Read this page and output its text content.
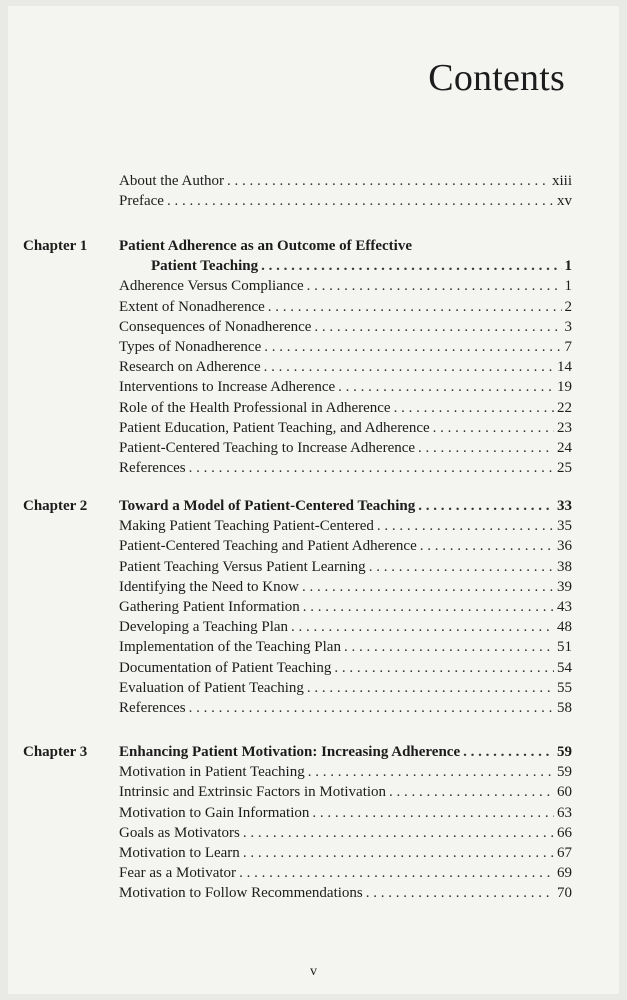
Contents
About the Author . . .	xiii
Preface . . .	xv
Chapter 1 Patient Adherence as an Outcome of Effective
Patient Teaching . . .	1
Adherence Versus Compliance . . .	1
Extent of Nonadherence . . .	2
Consequences of Nonadherence . . .	3
Types of Nonadherence . . .	7
Research on Adherence . . .	14
Interventions to Increase Adherence . . .	19
Role of the Health Professional in Adherence . . .	22
Patient Education, Patient Teaching, and Adherence . . .	23
Patient-Centered Teaching to Increase Adherence . . .	24
References . . .	25
Chapter 2 Toward a Model of Patient-Centered Teaching . . .	33
Making Patient Teaching Patient-Centered . . .	35
Patient-Centered Teaching and Patient Adherence . . .	36
Patient Teaching Versus Patient Learning . . .	38
Identifying the Need to Know . . .	39
Gathering Patient Information . . .	43
Developing a Teaching Plan . . .	48
Implementation of the Teaching Plan . . .	51
Documentation of Patient Teaching . . .	54
Evaluation of Patient Teaching . . .	55
References . . .	58
Chapter 3 Enhancing Patient Motivation: Increasing Adherence . . .	59
Motivation in Patient Teaching . . .	59
Intrinsic and Extrinsic Factors in Motivation . . .	60
Motivation to Gain Information . . .	63
Goals as Motivators . . .	66
Motivation to Learn . . .	67
Fear as a Motivator . . .	69
Motivation to Follow Recommendations . . .	70
v
